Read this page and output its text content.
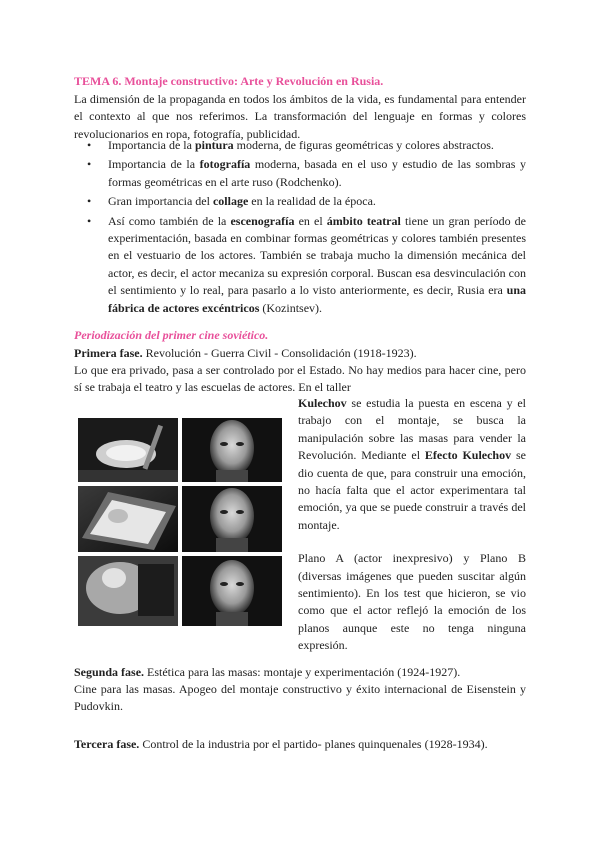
TEMA 6. Montaje constructivo: Arte y Revolución en Rusia.
La dimensión de la propaganda en todos los ámbitos de la vida, es fundamental para entender el contexto al que nos referimos. La transformación del lenguaje en formas y colores revolucionarios en ropa, fotografía, publicidad.
• Importancia de la pintura moderna, de figuras geométricas y colores abstractos.
• Importancia de la fotografía moderna, basada en el uso y estudio de las sombras y formas geométricas en el arte ruso (Rodchenko).
• Gran importancia del collage en la realidad de la época.
• Así como también de la escenografía en el ámbito teatral tiene un gran período de experimentación, basada en combinar formas geométricas y colores también presentes en el vestuario de los actores. También se trabaja mucho la dimensión mecánica del actor, es decir, el actor mecaniza su expresión corporal. Buscan esa desvinculación con el sentimiento y lo real, para pasarlo a lo visto anteriormente, es decir, Rusia era una fábrica de actores excéntricos (Kozintsev).
Periodización del primer cine soviético.
Primera fase. Revolución - Guerra Civil - Consolidación (1918-1923).
Lo que era privado, pasa a ser controlado por el Estado. No hay medios para hacer cine, pero sí se trabaja el teatro y las escuelas de actores. En el taller
Kulechov se estudia la puesta en escena y el trabajo con el montaje, se busca la manipulación sobre las masas para vender la Revolución. Mediante el Efecto Kulechov se dio cuenta de que, para construir una emoción, no hacía falta que el actor experimentara tal emoción, ya que se puede construir a través del montaje.
Plano A (actor inexpresivo) y Plano B (diversas imágenes que pueden suscitar algún sentimiento). En los test que hicieron, se vio como que el actor reflejó la emoción de los planos aunque este no tenga ninguna expresión.
Segunda fase. Estética para las masas: montaje y experimentación (1924-1927).
Cine para las masas. Apogeo del montaje constructivo y éxito internacional de Eisenstein y Pudovkin.
Tercera fase. Control de la industria por el partido- planes quinquenales (1928-1934).
